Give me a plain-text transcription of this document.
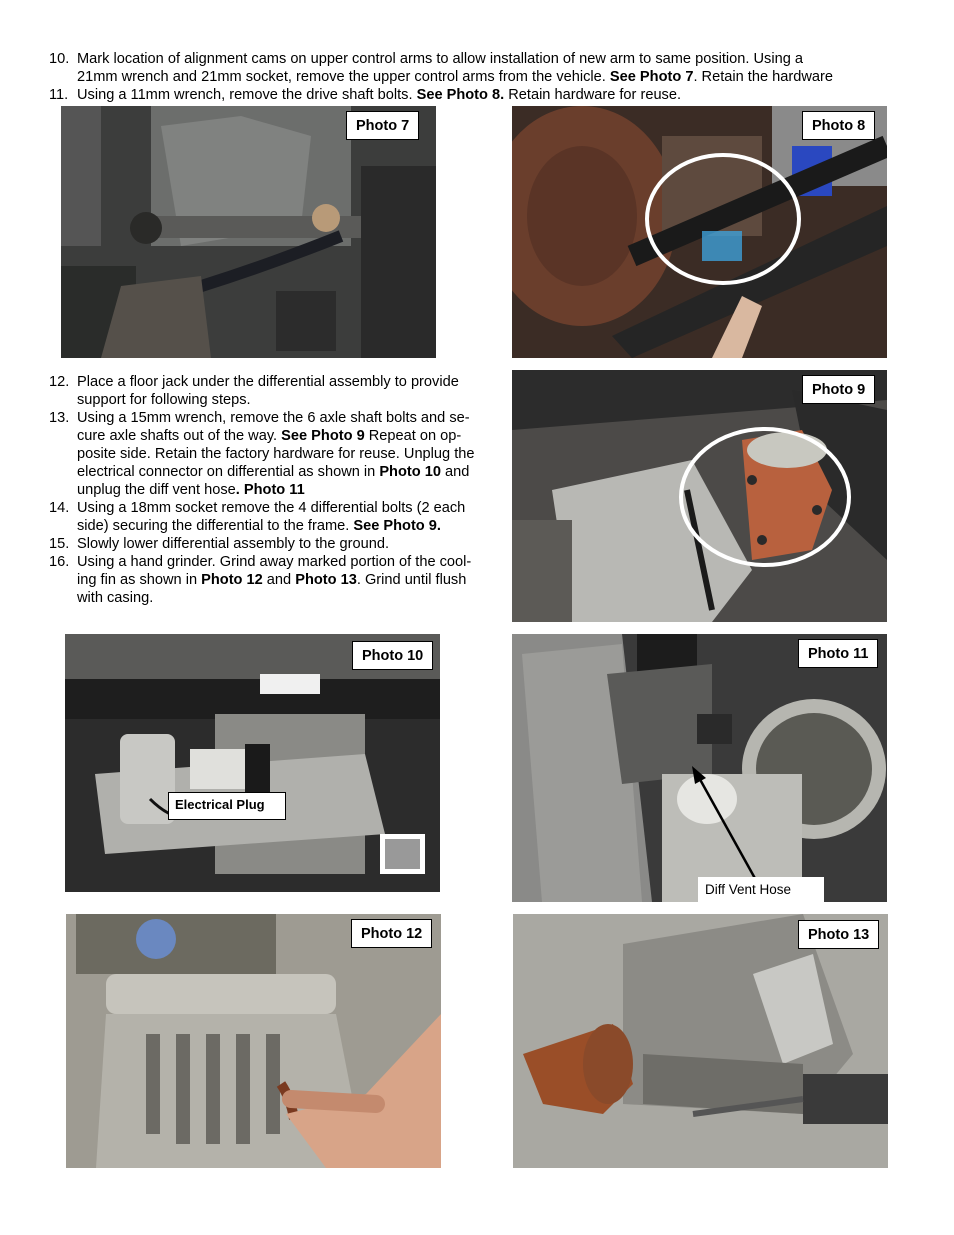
10. Mark location of alignment cams on upper control arms to allow installation of new arm to same position. Using a
21mm wrench and 21mm socket, remove the upper control arms from the vehicle. See Photo 7. Retain the hardware
11. Using a 11mm wrench, remove the drive shaft bolts. See Photo 8. Retain hardware for reuse.
Photo 7	Photo 8
12. Place a floor jack under the differential assembly to provide
support for following steps.
13. Using a 15mm wrench, remove the 6 axle shaft bolts and se-
cure axle shafts out of the way. See Photo 9 Repeat on op-
posite side. Retain the factory hardware for reuse. Unplug the
electrical connector on differential as shown in Photo 10 and
unplug the diff vent hose. Photo 11
14. Using a 18mm socket remove the 4 differential bolts (2 each
side) securing the differential to the frame. See Photo 9.
15. Slowly lower differential assembly to the ground.
16. Using a hand grinder. Grind away marked portion of the cool-
ing fin as shown in Photo 12 and Photo 13. Grind until flush
with casing.
Photo 9
Photo 10
Electrical Plug
Photo 11
Diff Vent Hose
Photo 12	Photo 13
